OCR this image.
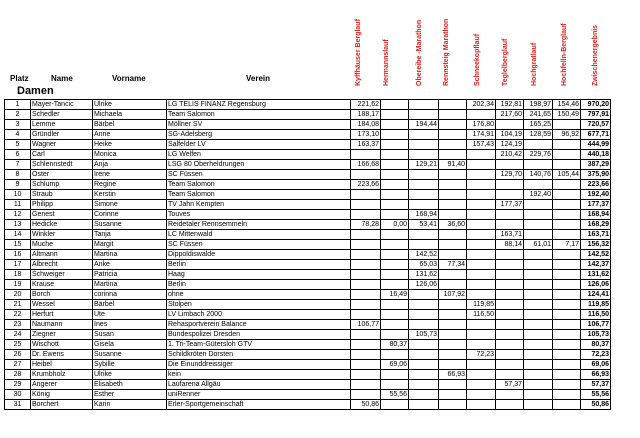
Platz	Name	Vorname	Verein	Kyffhäuser Berglauf	Hermannslauf	Obereibe -Marathon	Rennsteig Marathon	Schneekopflauf	Teglelberglauf	Hochgratlauf	Hochfelln-Berglauf	Zwischenergebnis
Damen
1	Mayer-Tancic	Ulrike	LG TELIS FINANZ Regensburg	221,62				202,34	192,81	198,97	154,46	970,20
2	Schedler	Michaela	Team Salomon	188,17					217,60	241,65	150,49	797,91
3	Lemme	Bärbel	Möllner SV	184,08		194,44		176,80		165,25		720,57
4	Gründler	Anne	SG-Adelsberg	173,10				174,91	104,19	128,59	96,92	677,71
5	Wagner	Heike	Salfelder LV	163,37				157,43	124,19			444,99
6	Carl	Monica	LG Welfen						210,42	229,76		440,18
7	Schlennstedt	Anja	LSG 80 Oberheldrungen	166,68		129,21	91,40					387,29
8	Oster	Irene	SC Füssen						129,70	140,76	105,44	375,90
9	Schlump	Regine	Team Salomon	223,66								223,66
10	Straub	Kerstin	Team Salomon							192,40		192,40
11	Philipp	Simone	TV Jahn Kempten						177,37			177,37
12	Genest	Corinne	Touves			168,94						168,94
13	Hedicke	Susanne	Reidetaler Rennsemmeln	78,28	0,00	53,41	36,60					168,29
14	Winkler	Tanja	LC Mittenwald						163,71			163,71
15	Muche	Margit	SC Füssen						88,14	61,01	7,17	156,32
16	Altmann	Martina	Dippoldiswalde			142,52						142,52
17	Albrecht	Anke	Berlin			65,03	77,34					142,37
18	Schweiger	Patricia	Haag			131,62						131,62
19	Krause	Martina	Berlin			126,06						126,06
20	Borch	corinna	ohne		16,49		107,92					124,41
21	Wessel	Bärbel	Stolpen					119,85				119,85
22	Herfurt	Ute	LV Limbach 2000					116,50				116,50
23	Naumann	Ines	Rehasportverein Balance	106,77								106,77
24	Ziegner	Susan	Bundespolizei Dresden			105,73						105,73
25	Wischott	Gisela	1. Tri-Team-Gütersloh GTV		80,37							80,37
26	Dr. Ewens	Susanne	Schildkröten Dorsten					72,23				72,23
27	Heibel	Sybille	Die Einunddreissiger		69,06							69,06
28	Krumbholz	Ulrike	kein				66,93					66,93
29	Angerer	Elisabeth	Laufarena Allgäu						57,37			57,37
30	König	Esther	uniRenner		55,56							55,56
31	Borchert	Karin	Erler-Sportgemeinschaft	50,86								50,86
